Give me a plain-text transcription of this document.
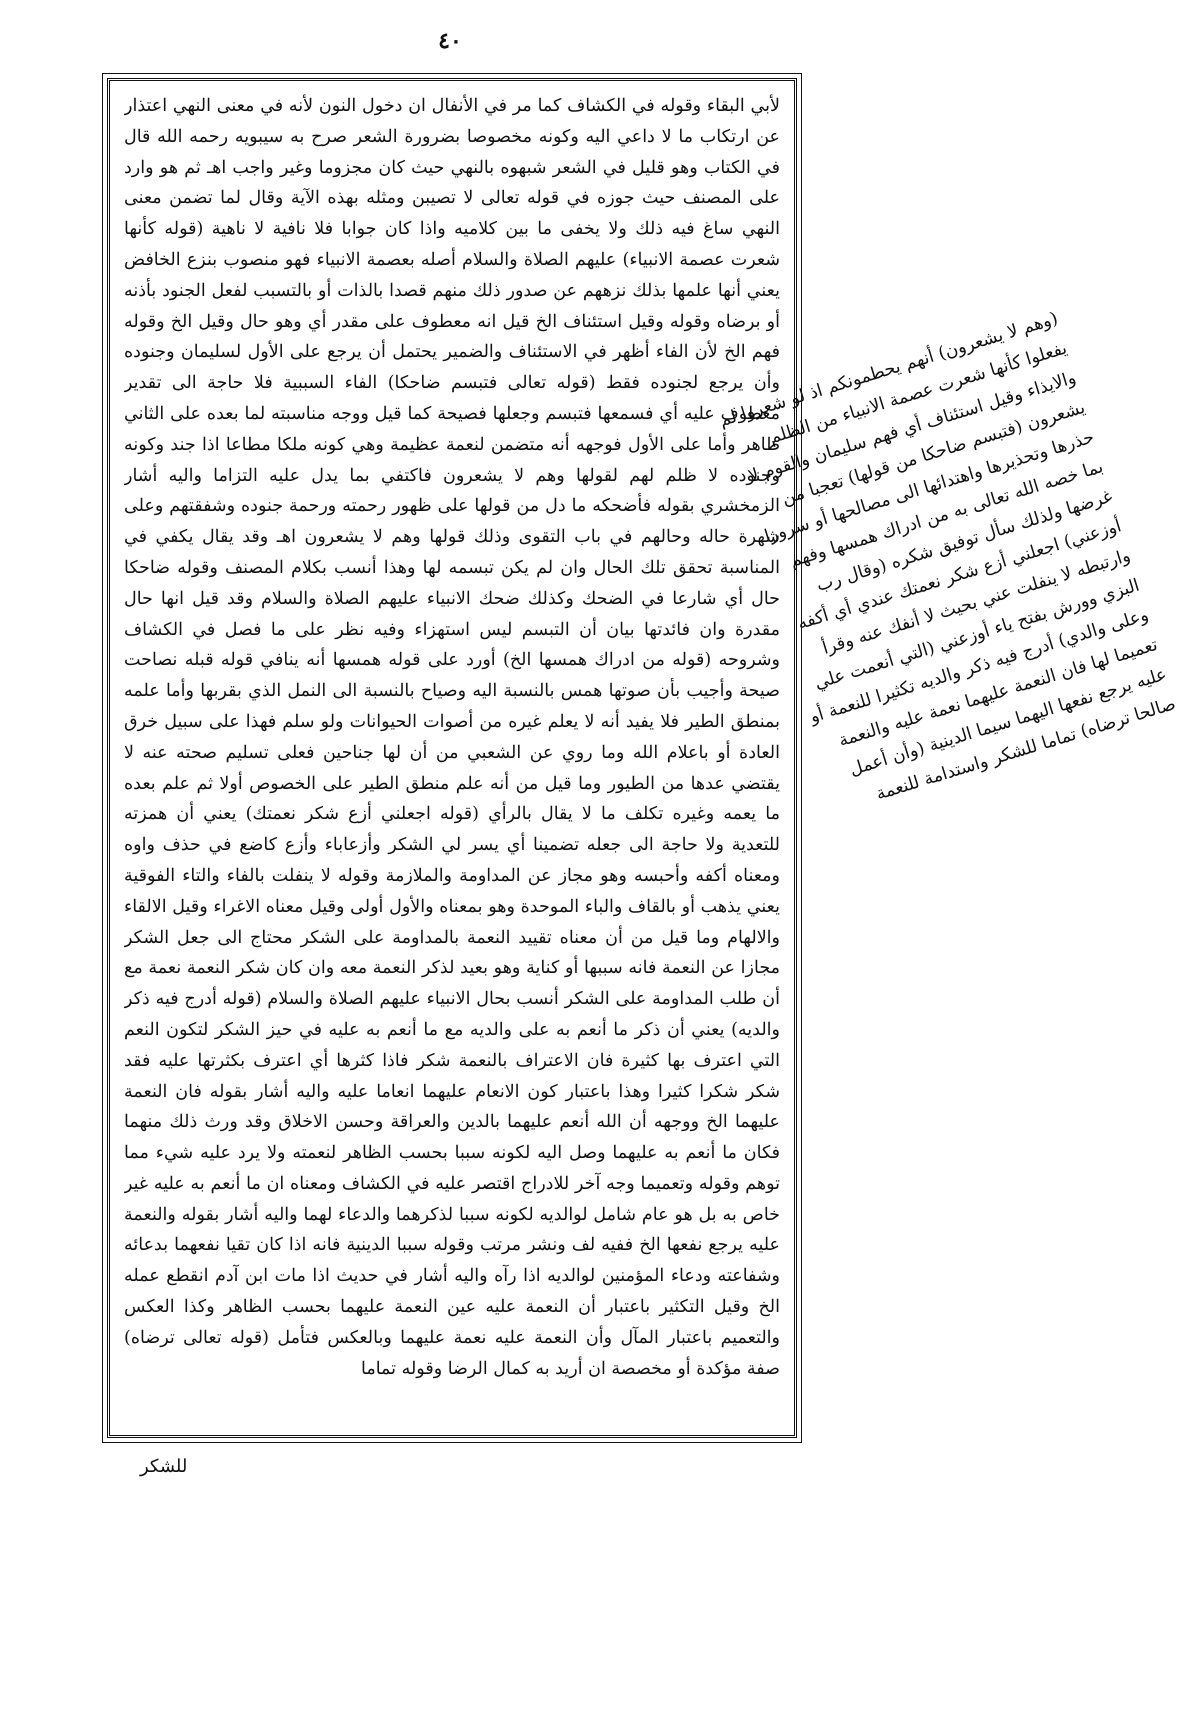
٤٠

لأبي البقاء وقوله في الكشاف كما مر في الأنفال ان دخول النون لأنه في معنى النهي اعتذار عن ارتكاب ما لا داعي اليه وكونه مخصوصا بضرورة الشعر صرح به سيبويه رحمه الله قال في الكتاب وهو قليل في الشعر شبهوه بالنهي حيث كان مجزوما وغير واجب اهـ ثم هو وارد على المصنف حيث جوزه في قوله تعالى لا تصيبن ومثله بهذه الآية وقال لما تضمن معنى النهي ساغ فيه ذلك ولا يخفى ما بين كلاميه واذا كان جوابا فلا نافية لا ناهية (قوله كأنها شعرت عصمة الانبياء) عليهم الصلاة والسلام أصله بعصمة الانبياء فهو منصوب بنزع الخافض يعني أنها علمها بذلك نزههم عن صدور ذلك منهم قصدا بالذات أو بالتسبب لفعل الجنود بأذنه أو برضاه وقوله وقيل استئناف الخ قيل انه معطوف على مقدر أي وهو حال وقيل الخ وقوله فهم الخ لأن الفاء أظهر في الاستئناف والضمير يحتمل أن يرجع على الأول لسليمان وجنوده وأن يرجع لجنوده فقط (قوله تعالى فتبسم ضاحكا) الفاء السببية فلا حاجة الى تقدير معطوف عليه أي فسمعها فتبسم وجعلها فصيحة كما قيل ووجه مناسبته لما بعده على الثاني ظاهر وأما على الأول فوجهه أنه متضمن لنعمة عظيمة وهي كونه ملكا مطاعا اذا جند وكونه وجنوده لا ظلم لهم لقولها وهم لا يشعرون فاكتفي بما يدل عليه التزاما واليه أشار الزمخشري بقوله فأضحكه ما دل من قولها على ظهور رحمته ورحمة جنوده وشفقتهم وعلى شهرة حاله وحالهم في باب التقوى وذلك قولها وهم لا يشعرون اهـ وقد يقال يكفي في المناسبة تحقق تلك الحال وان لم يكن تبسمه لها وهذا أنسب بكلام المصنف وقوله ضاحكا حال أي شارعا في الضحك وكذلك ضحك الانبياء عليهم الصلاة والسلام وقد قيل انها حال مقدرة وان فائدتها بيان أن التبسم ليس استهزاء وفيه نظر على ما فصل في الكشاف وشروحه (قوله من ادراك همسها الخ) أورد على قوله همسها أنه ينافي قوله قبله نصاحت صيحة وأجيب بأن صوتها همس بالنسبة اليه وصياح بالنسبة الى النمل الذي بقربها وأما علمه بمنطق الطير فلا يفيد أنه لا يعلم غيره من أصوات الحيوانات ولو سلم فهذا على سبيل خرق العادة أو باعلام الله وما روي عن الشعبي من أن لها جناحين فعلى تسليم صحته عنه لا يقتضي عدها من الطيور وما قيل من أنه علم منطق الطير على الخصوص أولا ثم علم بعده ما يعمه وغيره تكلف ما لا يقال بالرأي (قوله اجعلني أزع شكر نعمتك) يعني أن همزته للتعدية ولا حاجة الى جعله تضمينا أي يسر لي الشكر وأزعاباء وأزع كاضع في حذف واوه ومعناه أكفه وأحبسه وهو مجاز عن المداومة والملازمة وقوله لا ينفلت بالفاء والتاء الفوقية يعني يذهب أو بالقاف والباء الموحدة وهو بمعناه والأول أولى وقيل معناه الاغراء وقيل الالقاء والالهام وما قيل من أن معناه تقييد النعمة بالمداومة على الشكر محتاج الى جعل الشكر مجازا عن النعمة فانه سببها أو كناية وهو بعيد لذكر النعمة معه وان كان شكر النعمة نعمة مع أن طلب المداومة على الشكر أنسب بحال الانبياء عليهم الصلاة والسلام (قوله أدرج فيه ذكر والديه) يعني أن ذكر ما أنعم به على والديه مع ما أنعم به عليه في حيز الشكر لتكون النعم التي اعترف بها كثيرة فان الاعتراف بالنعمة شكر فاذا كثرها أي اعترف بكثرتها عليه فقد شكر شكرا كثيرا وهذا باعتبار كون الانعام عليهما انعاما عليه واليه أشار بقوله فان النعمة عليهما الخ ووجهه أن الله أنعم عليهما بالدين والعراقة وحسن الاخلاق وقد ورث ذلك منهما فكان ما أنعم به عليهما وصل اليه لكونه سببا بحسب الظاهر لنعمته ولا يرد عليه شيء مما توهم وقوله وتعميما وجه آخر للادراج اقتصر عليه في الكشاف ومعناه ان ما أنعم به عليه غير خاص به بل هو عام شامل لوالديه لكونه سببا لذكرهما والدعاء لهما واليه أشار بقوله والنعمة عليه يرجع نفعها الخ ففيه لف ونشر مرتب وقوله سببا الدينية فانه اذا كان تقيا نفعهما بدعائه وشفاعته ودعاء المؤمنين لوالديه اذا رآه واليه أشار في حديث اذا مات ابن آدم انقطع عمله الخ وقيل التكثير باعتبار أن النعمة عليه عين النعمة عليهما بحسب الظاهر وكذا العكس والتعميم باعتبار المآل وأن النعمة عليه نعمة عليهما وبالعكس فتأمل (قوله تعالى ترضاه) صفة مؤكدة أو مخصصة ان أريد به كمال الرضا وقوله تماما

(وهم لا يشعرون) أنهم يحطمونكم اذ لو شعروا لم يفعلوا كأنها شعرت عصمة الانبياء من الظلم والايذاء وقيل استئناف أي فهم سليمان والقوم لا يشعرون (فتبسم ضاحكا من قولها) تعجبا من حذرها وتحذيرها واهتدائها الى مصالحها أو سرورا بما خصه الله تعالى به من ادراك همسها وفهم غرضها ولذلك سأل توفيق شكره (وقال رب أوزعني) اجعلني أزع شكر نعمتك عندي أي أكفه وارتبطه لا ينفلت عني بحيث لا أنفك عنه وقرأ البزي وورش بفتح ياء أوزعني (التي أنعمت علي وعلى والدي) أدرج فيه ذكر والديه تكثيرا للنعمة أو تعميما لها فان النعمة عليهما نعمة عليه والنعمة عليه يرجع نفعها اليهما سيما الدينية (وأن أعمل صالحا ترضاه) تماما للشكر واستدامة للنعمة

للشكر
